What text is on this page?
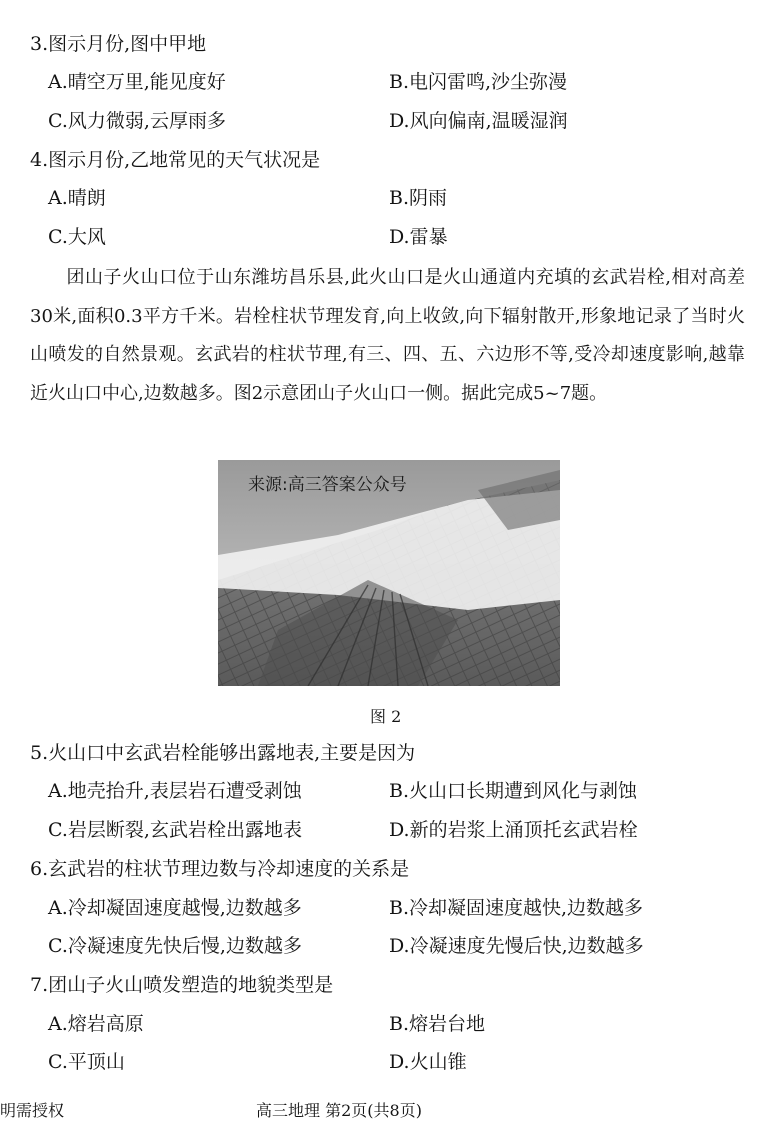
3.图示月份,图中甲地
A.晴空万里,能见度好	B.电闪雷鸣,沙尘弥漫
C.风力微弱,云厚雨多	D.风向偏南,温暖湿润
4.图示月份,乙地常见的天气状况是
A.晴朗	B.阴雨
C.大风	D.雷暴
团山子火山口位于山东潍坊昌乐县,此火山口是火山通道内充填的玄武岩栓,相对高差30米,面积0.3平方千米。岩栓柱状节理发育,向上收敛,向下辐射散开,形象地记录了当时火山喷发的自然景观。玄武岩的柱状节理,有三、四、五、六边形不等,受冷却速度影响,越靠近火山口中心,边数越多。图2示意团山子火山口一侧。据此完成5~7题。
来源:高三答案公众号
图 2
5.火山口中玄武岩栓能够出露地表,主要是因为
A.地壳抬升,表层岩石遭受剥蚀	B.火山口长期遭到风化与剥蚀
C.岩层断裂,玄武岩栓出露地表	D.新的岩浆上涌顶托玄武岩栓
6.玄武岩的柱状节理边数与冷却速度的关系是
A.冷却凝固速度越慢,边数越多	B.冷却凝固速度越快,边数越多
C.冷凝速度先快后慢,边数越多	D.冷凝速度先慢后快,边数越多
7.团山子火山喷发塑造的地貌类型是
A.熔岩高原	B.熔岩台地
C.平顶山	D.火山锥
明需授权	高三地理 第2页(共8页)
